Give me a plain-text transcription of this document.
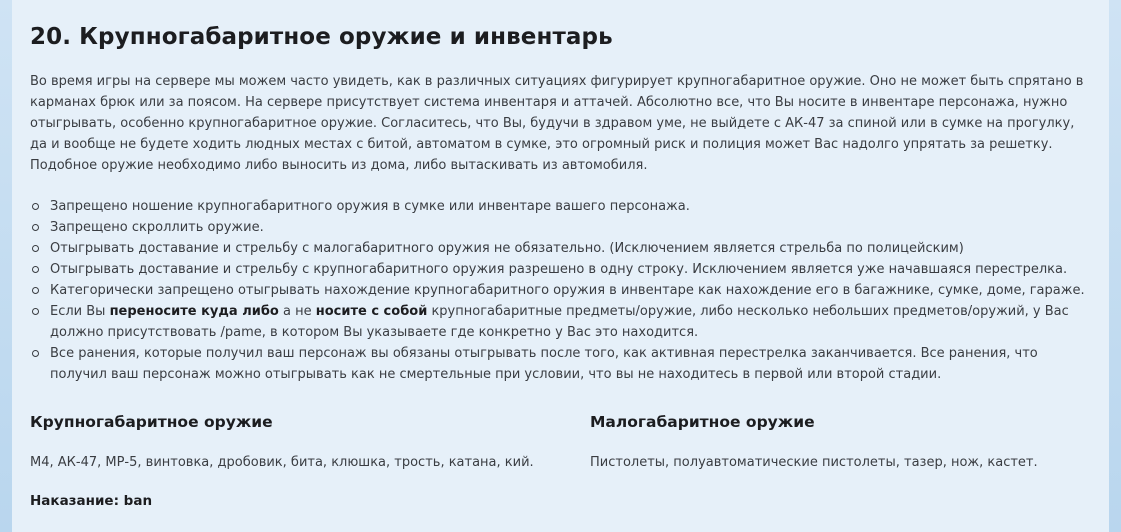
20. Крупногабаритное оружие и инвентарь
Во время игры на сервере мы можем часто увидеть, как в различных ситуациях фигурирует крупногабаритное оружие. Оно не может быть спрятано в карманах брюк или за поясом. На сервере присутствует система инвентаря и аттачей. Абсолютно все, что Вы носите в инвентаре персонажа, нужно отыгрывать, особенно крупногабаритное оружие. Согласитесь, что Вы, будучи в здравом уме, не выйдете с АК-47 за спиной или в сумке на прогулку, да и вообще не будете ходить людных местах с битой, автоматом в сумке, это огромный риск и полиция может Вас надолго упрятать за решетку. Подобное оружие необходимо либо выносить из дома, либо вытаскивать из автомобиля.
Запрещено ношение крупногабаритного оружия в сумке или инвентаре вашего персонажа.
Запрещено скроллить оружие.
Отыгрывать доставание и стрельбу с малогабаритного оружия не обязательно. (Исключением является стрельба по полицейским)
Отыгрывать доставание и стрельбу с крупногабаритного оружия разрешено в одну строку. Исключением является уже начавшаяся перестрелка.
Категорически запрещено отыгрывать нахождение крупногабаритного оружия в инвентаре как нахождение его в багажнике, сумке, доме, гараже.
Если Вы переносите куда либо а не носите с собой крупногабаритные предметы/оружие, либо несколько небольших предметов/оружий, у Вас должно присутствовать /pame, в котором Вы указываете где конкретно у Вас это находится.
Все ранения, которые получил ваш персонаж вы обязаны отыгрывать после того, как активная перестрелка заканчивается. Все ранения, что получил ваш персонаж можно отыгрывать как не смертельные при условии, что вы не находитесь в первой или второй стадии.
Крупногабаритное оружие
М4, АК-47, МР-5, винтовка, дробовик, бита, клюшка, трость, катана, кий.
Малогабаритное оружие
Пистолеты, полуавтоматические пистолеты, тазер, нож, кастет.
Наказание: ban
